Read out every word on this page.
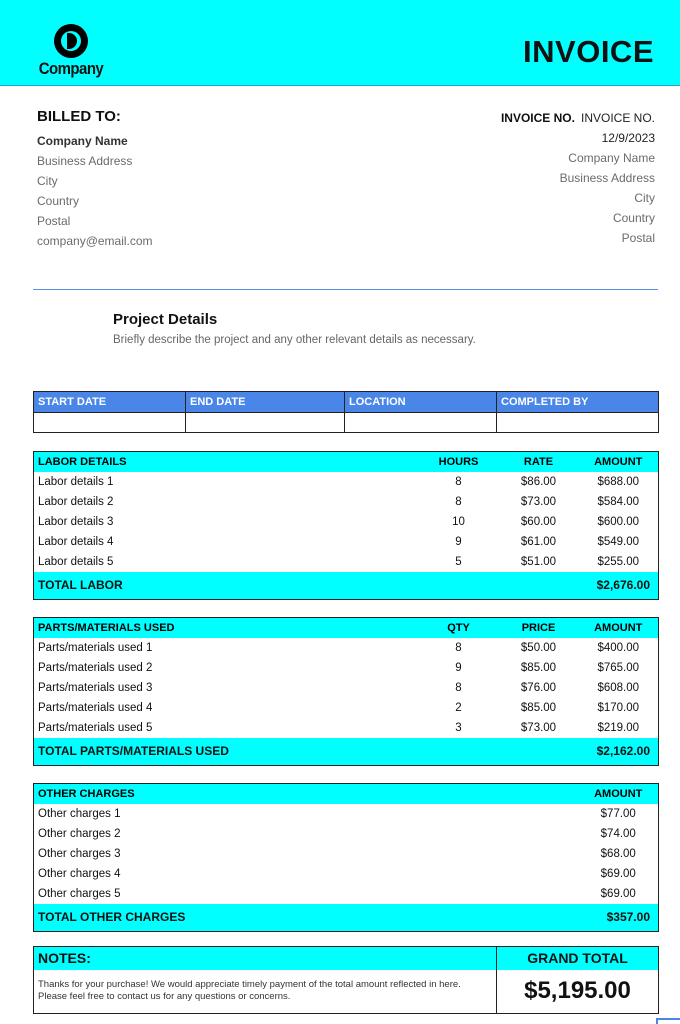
Company	INVOICE
BILLED TO:
Company Name
Business Address
City
Country
Postal
company@email.com
INVOICE NO. INVOICE NO.
12/9/2023
Company Name
Business Address
City
Country
Postal
Project Details

Briefly describe the project and any other relevant details as necessary.

START DATE	END DATE	LOCATION	COMPLETED BY

LABOR DETAILS	HOURS	RATE	AMOUNT
Labor details 1	8	$86.00	$688.00
Labor details 2	8	$73.00	$584.00
Labor details 3	10	$60.00	$600.00
Labor details 4	9	$61.00	$549.00
Labor details 5	5	$51.00	$255.00
TOTAL LABOR			$2,676.00
PARTS/MATERIALS USED	QTY	PRICE	AMOUNT
Parts/materials used 1	8	$50.00	$400.00
Parts/materials used 2	9	$85.00	$765.00
Parts/materials used 3	8	$76.00	$608.00
Parts/materials used 4	2	$85.00	$170.00
Parts/materials used 5	3	$73.00	$219.00
TOTAL PARTS/MATERIALS USED			$2,162.00
OTHER CHARGES	AMOUNT
Other charges 1	$77.00
Other charges 2	$74.00
Other charges 3	$68.00
Other charges 4	$69.00
Other charges 5	$69.00
TOTAL OTHER CHARGES	$357.00
NOTES:	GRAND TOTAL
Thanks for your purchase! We would appreciate timely payment of the total amount reflected in here. Please feel free to contact us for any questions or concerns.	$5,195.00
